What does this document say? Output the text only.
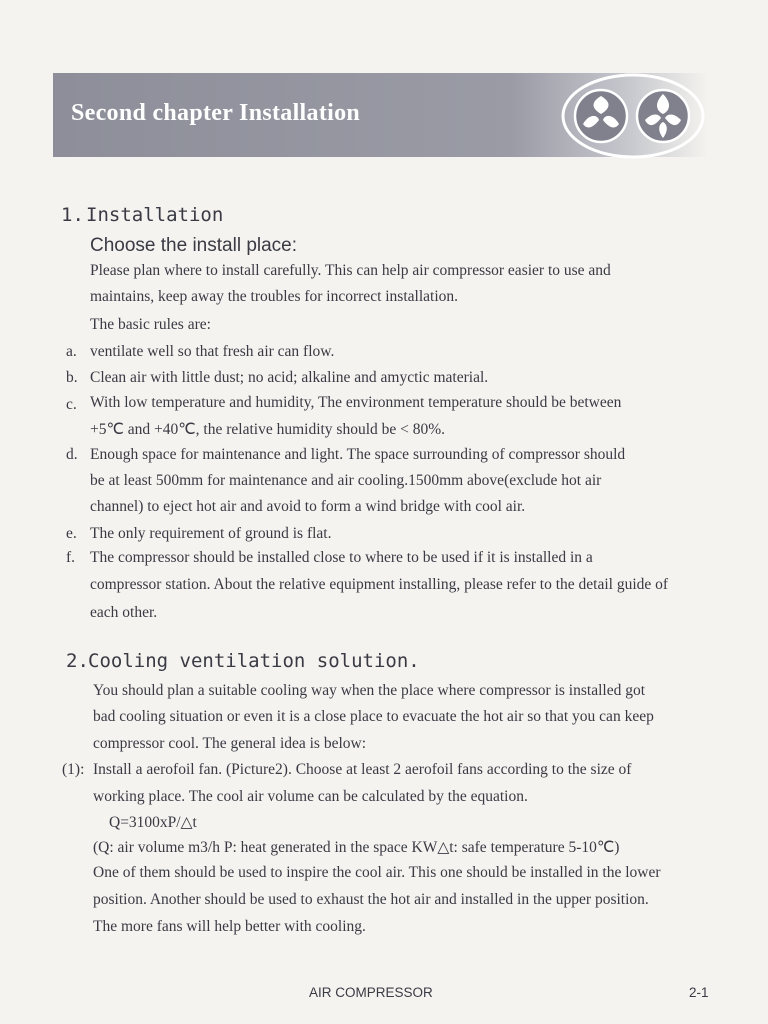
Second chapter Installation
1. Installation
Choose the install place:
Please plan where to install carefully. This can help air compressor easier to use and
maintains, keep away the troubles for incorrect installation.
The basic rules are:
a. ventilate well so that fresh air can flow.
b. Clean air with little dust; no acid; alkaline and amyctic material.
c. With low temperature and humidity, The environment temperature should be between
+5℃ and +40℃, the relative humidity should be < 80%.
d. Enough space for maintenance and light. The space surrounding of compressor should
be at least 500mm for maintenance and air cooling.1500mm above(exclude hot air
channel) to eject hot air and avoid to form a wind bridge with cool air.
e. The only requirement of ground is flat.
f. The compressor should be installed close to where to be used if it is installed in a
compressor station. About the relative equipment installing, please refer to the detail guide of
each other.
2. Cooling ventilation solution.
You should plan a suitable cooling way when the place where compressor is installed got
bad cooling situation or even it is a close place to evacuate the hot air so that you can keep
compressor cool. The general idea is below:
(1): Install a aerofoil fan. (Picture2). Choose at least 2 aerofoil fans according to the size of
working place. The cool air volume can be calculated by the equation.
Q=3100xP/△t
(Q: air volume m3/h P: heat generated in the space KW△t: safe temperature 5-10℃)
One of them should be used to inspire the cool air. This one should be installed in the lower
position. Another should be used to exhaust the hot air and installed in the upper position.
The more fans will help better with cooling.
AIR COMPRESSOR	2-1
